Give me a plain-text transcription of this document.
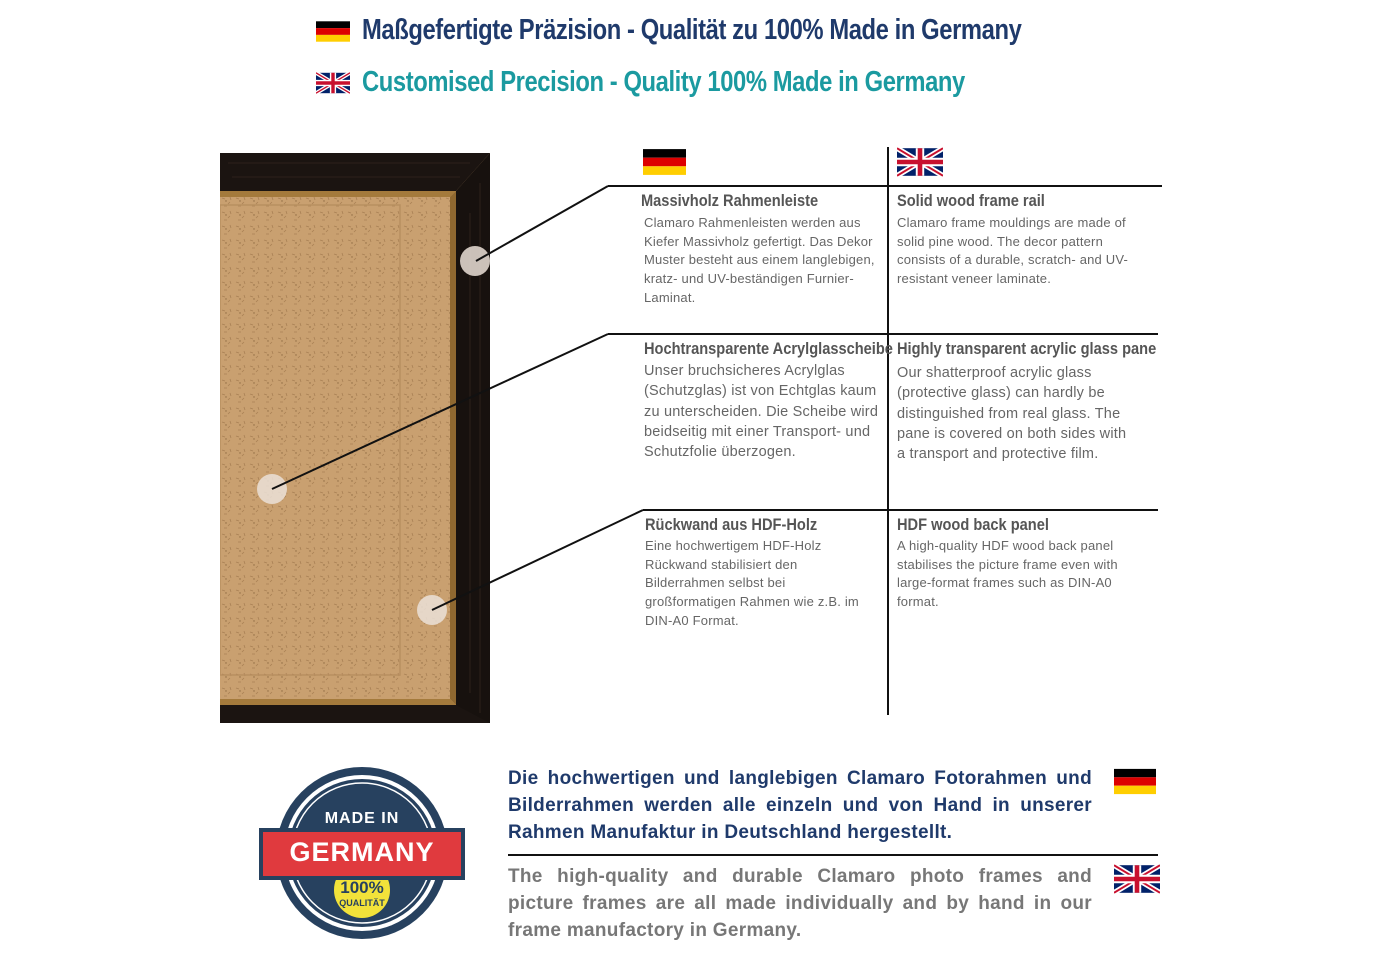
Maßgefertigte Präzision - Qualität zu 100% Made in Germany
Customised Precision - Quality 100% Made in Germany
Massivholz Rahmenleiste
Clamaro Rahmenleisten werden aus Kiefer Massivholz gefertigt. Das Dekor Muster besteht aus einem langlebigen, kratz- und UV-beständigen Furnier-Laminat.
Solid wood frame rail
Clamaro frame mouldings are made of solid pine wood. The decor pattern consists of a durable, scratch- and UV-resistant veneer laminate.
Hochtransparente Acrylglasscheibe
Unser bruchsicheres Acrylglas (Schutzglas) ist von Echtglas kaum zu unterscheiden. Die Scheibe wird beidseitig mit einer Transport- und Schutzfolie überzogen.
Highly transparent acrylic glass pane
Our shatterproof acrylic glass (protective glass) can hardly be distinguished from real glass. The pane is covered on both sides with a transport and protective film.
Rückwand aus HDF-Holz
Eine hochwertigem HDF-Holz Rückwand stabilisiert den Bilderrahmen selbst bei großformatigen Rahmen wie z.B. im DIN-A0 Format.
HDF wood back panel
A high-quality HDF wood back panel stabilises the picture frame even with large-format frames such as DIN-A0 format.
MADE IN
GERMANY
100%
QUALITÄT
Die hochwertigen und langlebigen Clamaro Fotorahmen und Bilderrahmen werden alle einzeln und von Hand in unserer Rahmen Manufaktur in Deutschland hergestellt.
The high-quality and durable Clamaro photo frames and picture frames are all made individually and by hand in our frame manufactory in Germany.
